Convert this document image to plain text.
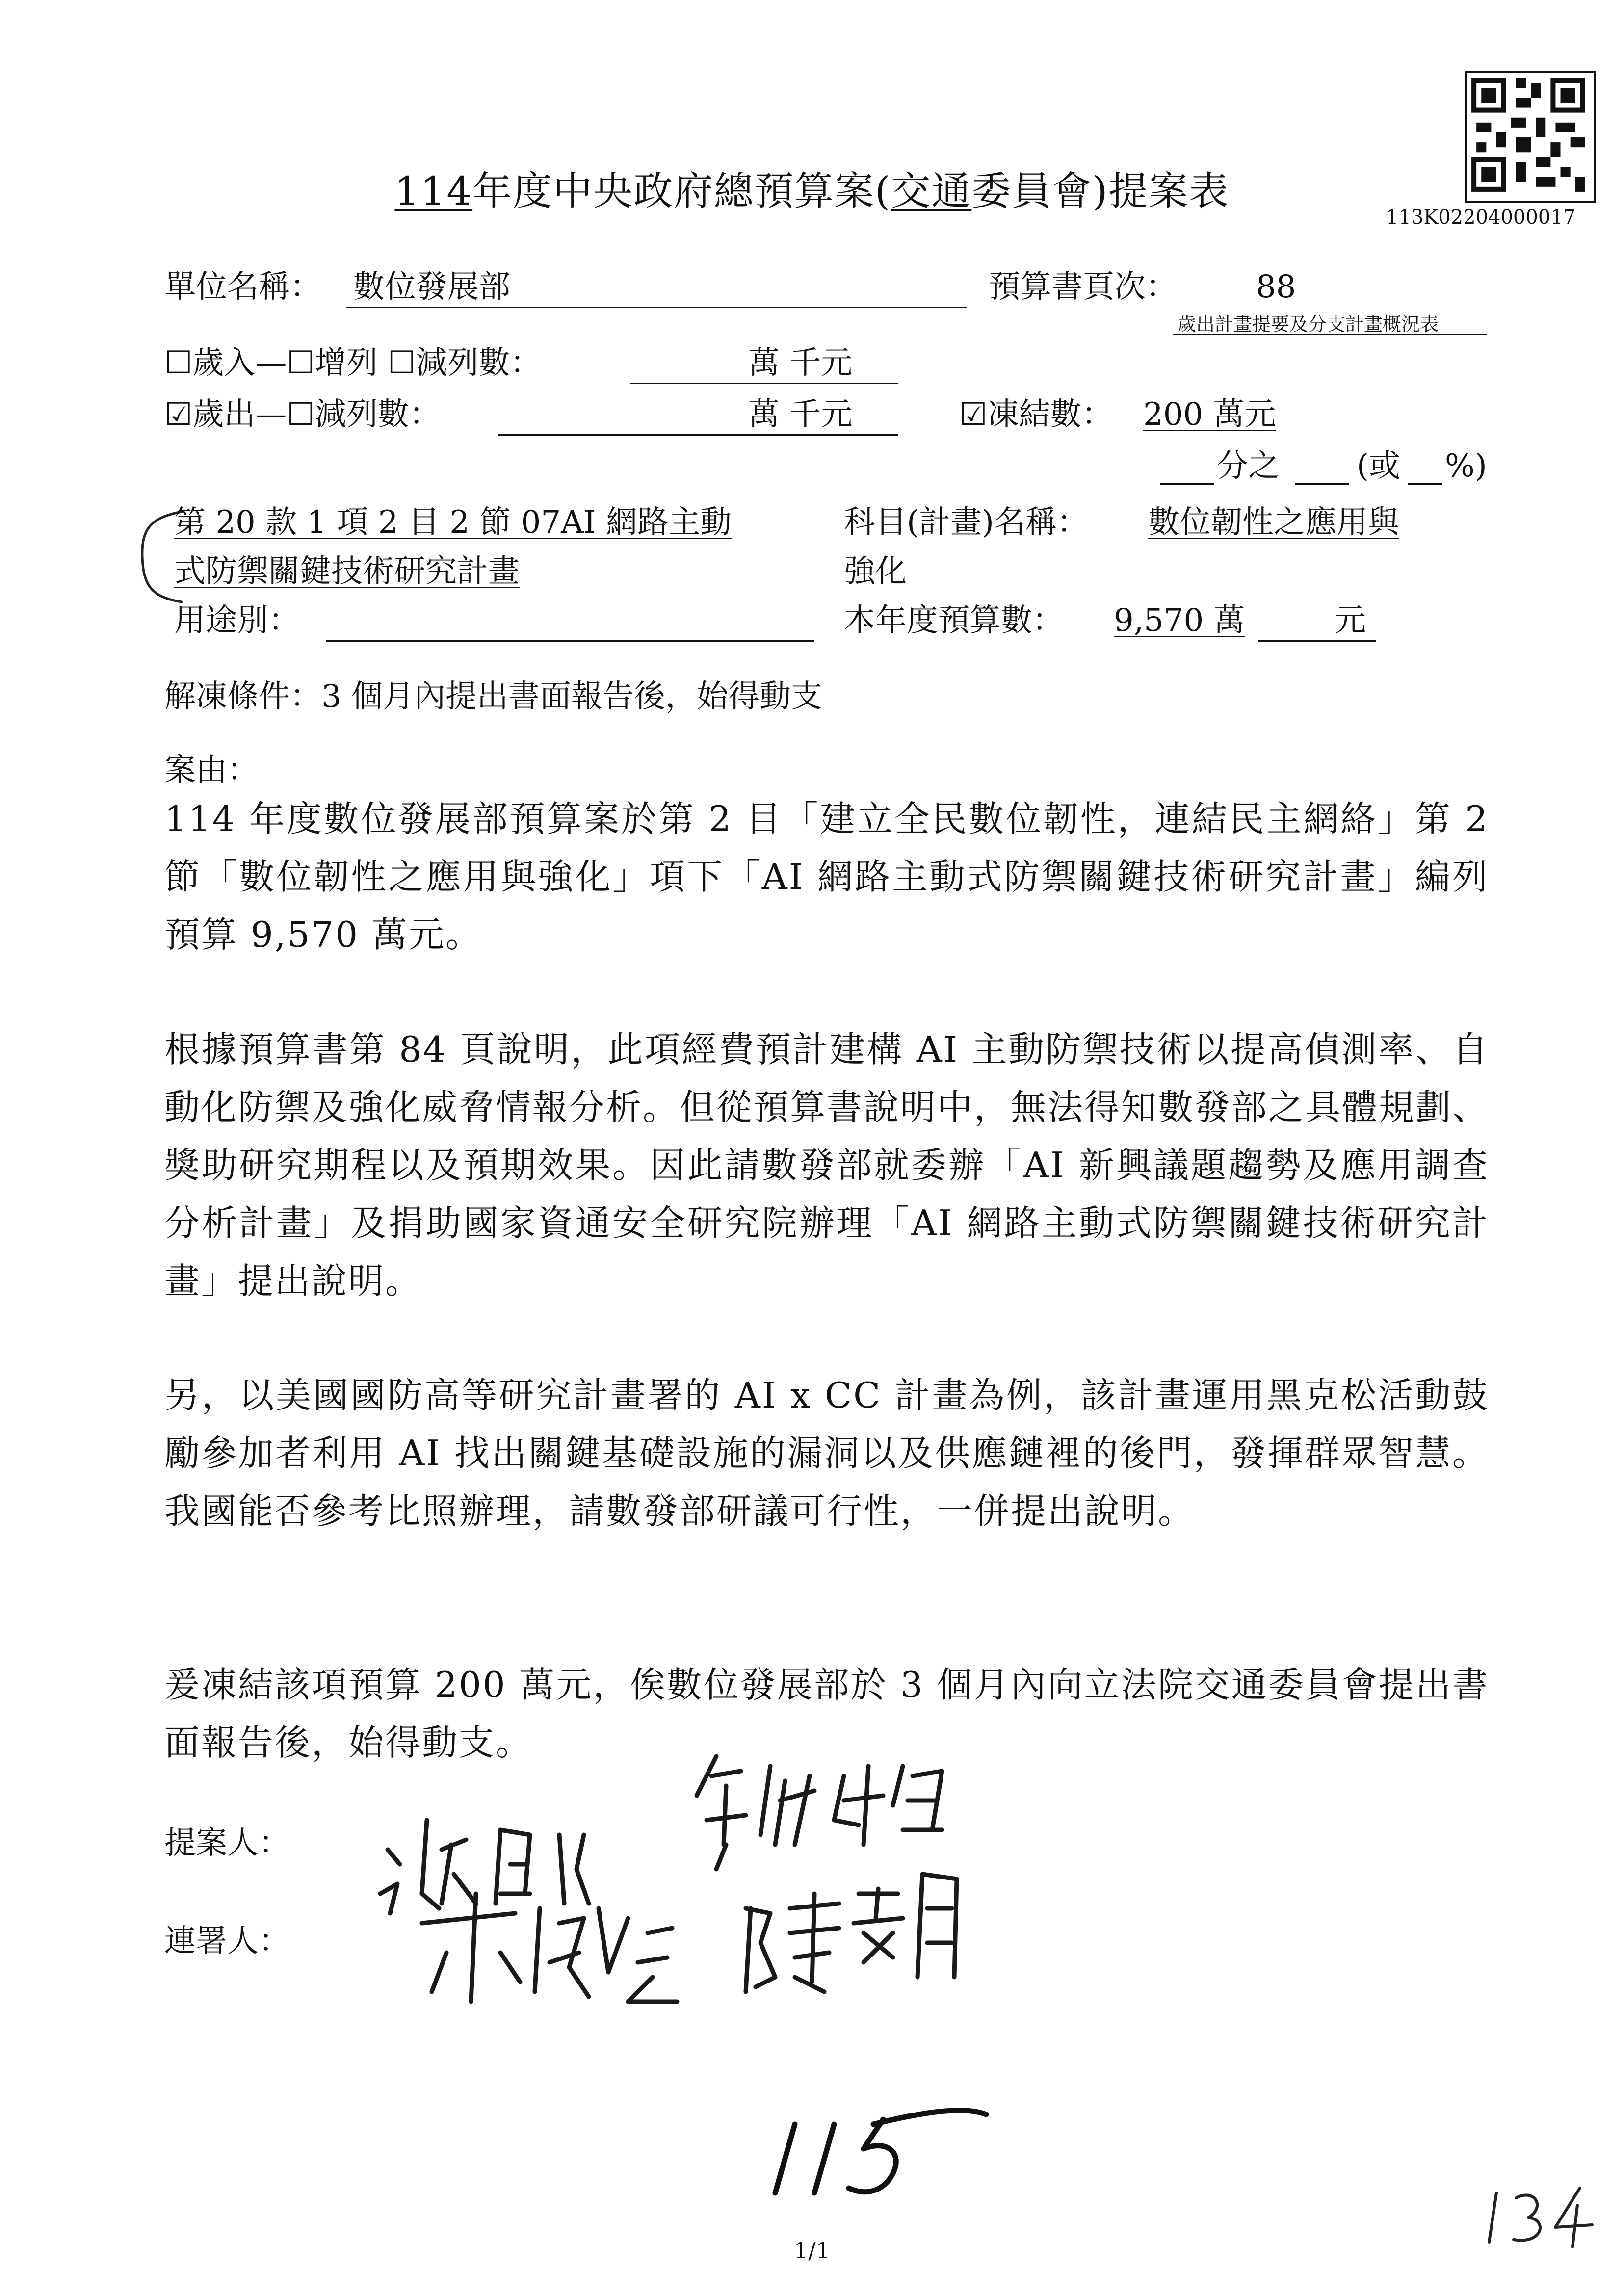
113K02204000017
114年度中央政府總預算案(交通委員會)提案表
單位名稱： 數位發展部	預算書頁次：	88
歲出計畫提要及分支計畫概況表
☐歲入—☐增列 ☐減列數：	萬 千元
☑歲出—☐減列數：	萬 千元	☑凍結數： 200 萬元
分之 (或 %)
第 20 款 1 項 2 目 2 節 07AI 網路主動
式防禦關鍵技術研究計畫
科目(計畫)名稱： 數位韌性之應用與
強化
用途別：	本年度預算數： 9,570 萬	元
解凍條件：3 個月內提出書面報告後，始得動支
案由：
114 年度數位發展部預算案於第 2 目「建立全民數位韌性，連結民主網絡」第 2 節「數位韌性之應用與強化」項下「AI 網路主動式防禦關鍵技術研究計畫」編列預算 9,570 萬元。
根據預算書第 84 頁說明，此項經費預計建構 AI 主動防禦技術以提高偵測率、自動化防禦及強化威脅情報分析。但從預算書說明中，無法得知數發部之具體規劃、獎助研究期程以及預期效果。因此請數發部就委辦「AI 新興議題趨勢及應用調查分析計畫」及捐助國家資通安全研究院辦理「AI 網路主動式防禦關鍵技術研究計畫」提出說明。
另，以美國國防高等研究計畫署的 AI x CC 計畫為例，該計畫運用黑克松活動鼓勵參加者利用 AI 找出關鍵基礎設施的漏洞以及供應鏈裡的後門，發揮群眾智慧。我國能否參考比照辦理，請數發部研議可行性，一併提出說明。
爰凍結該項預算 200 萬元，俟數位發展部於 3 個月內向立法院交通委員會提出書面報告後，始得動支。
提案人：
連署人：
1/1
